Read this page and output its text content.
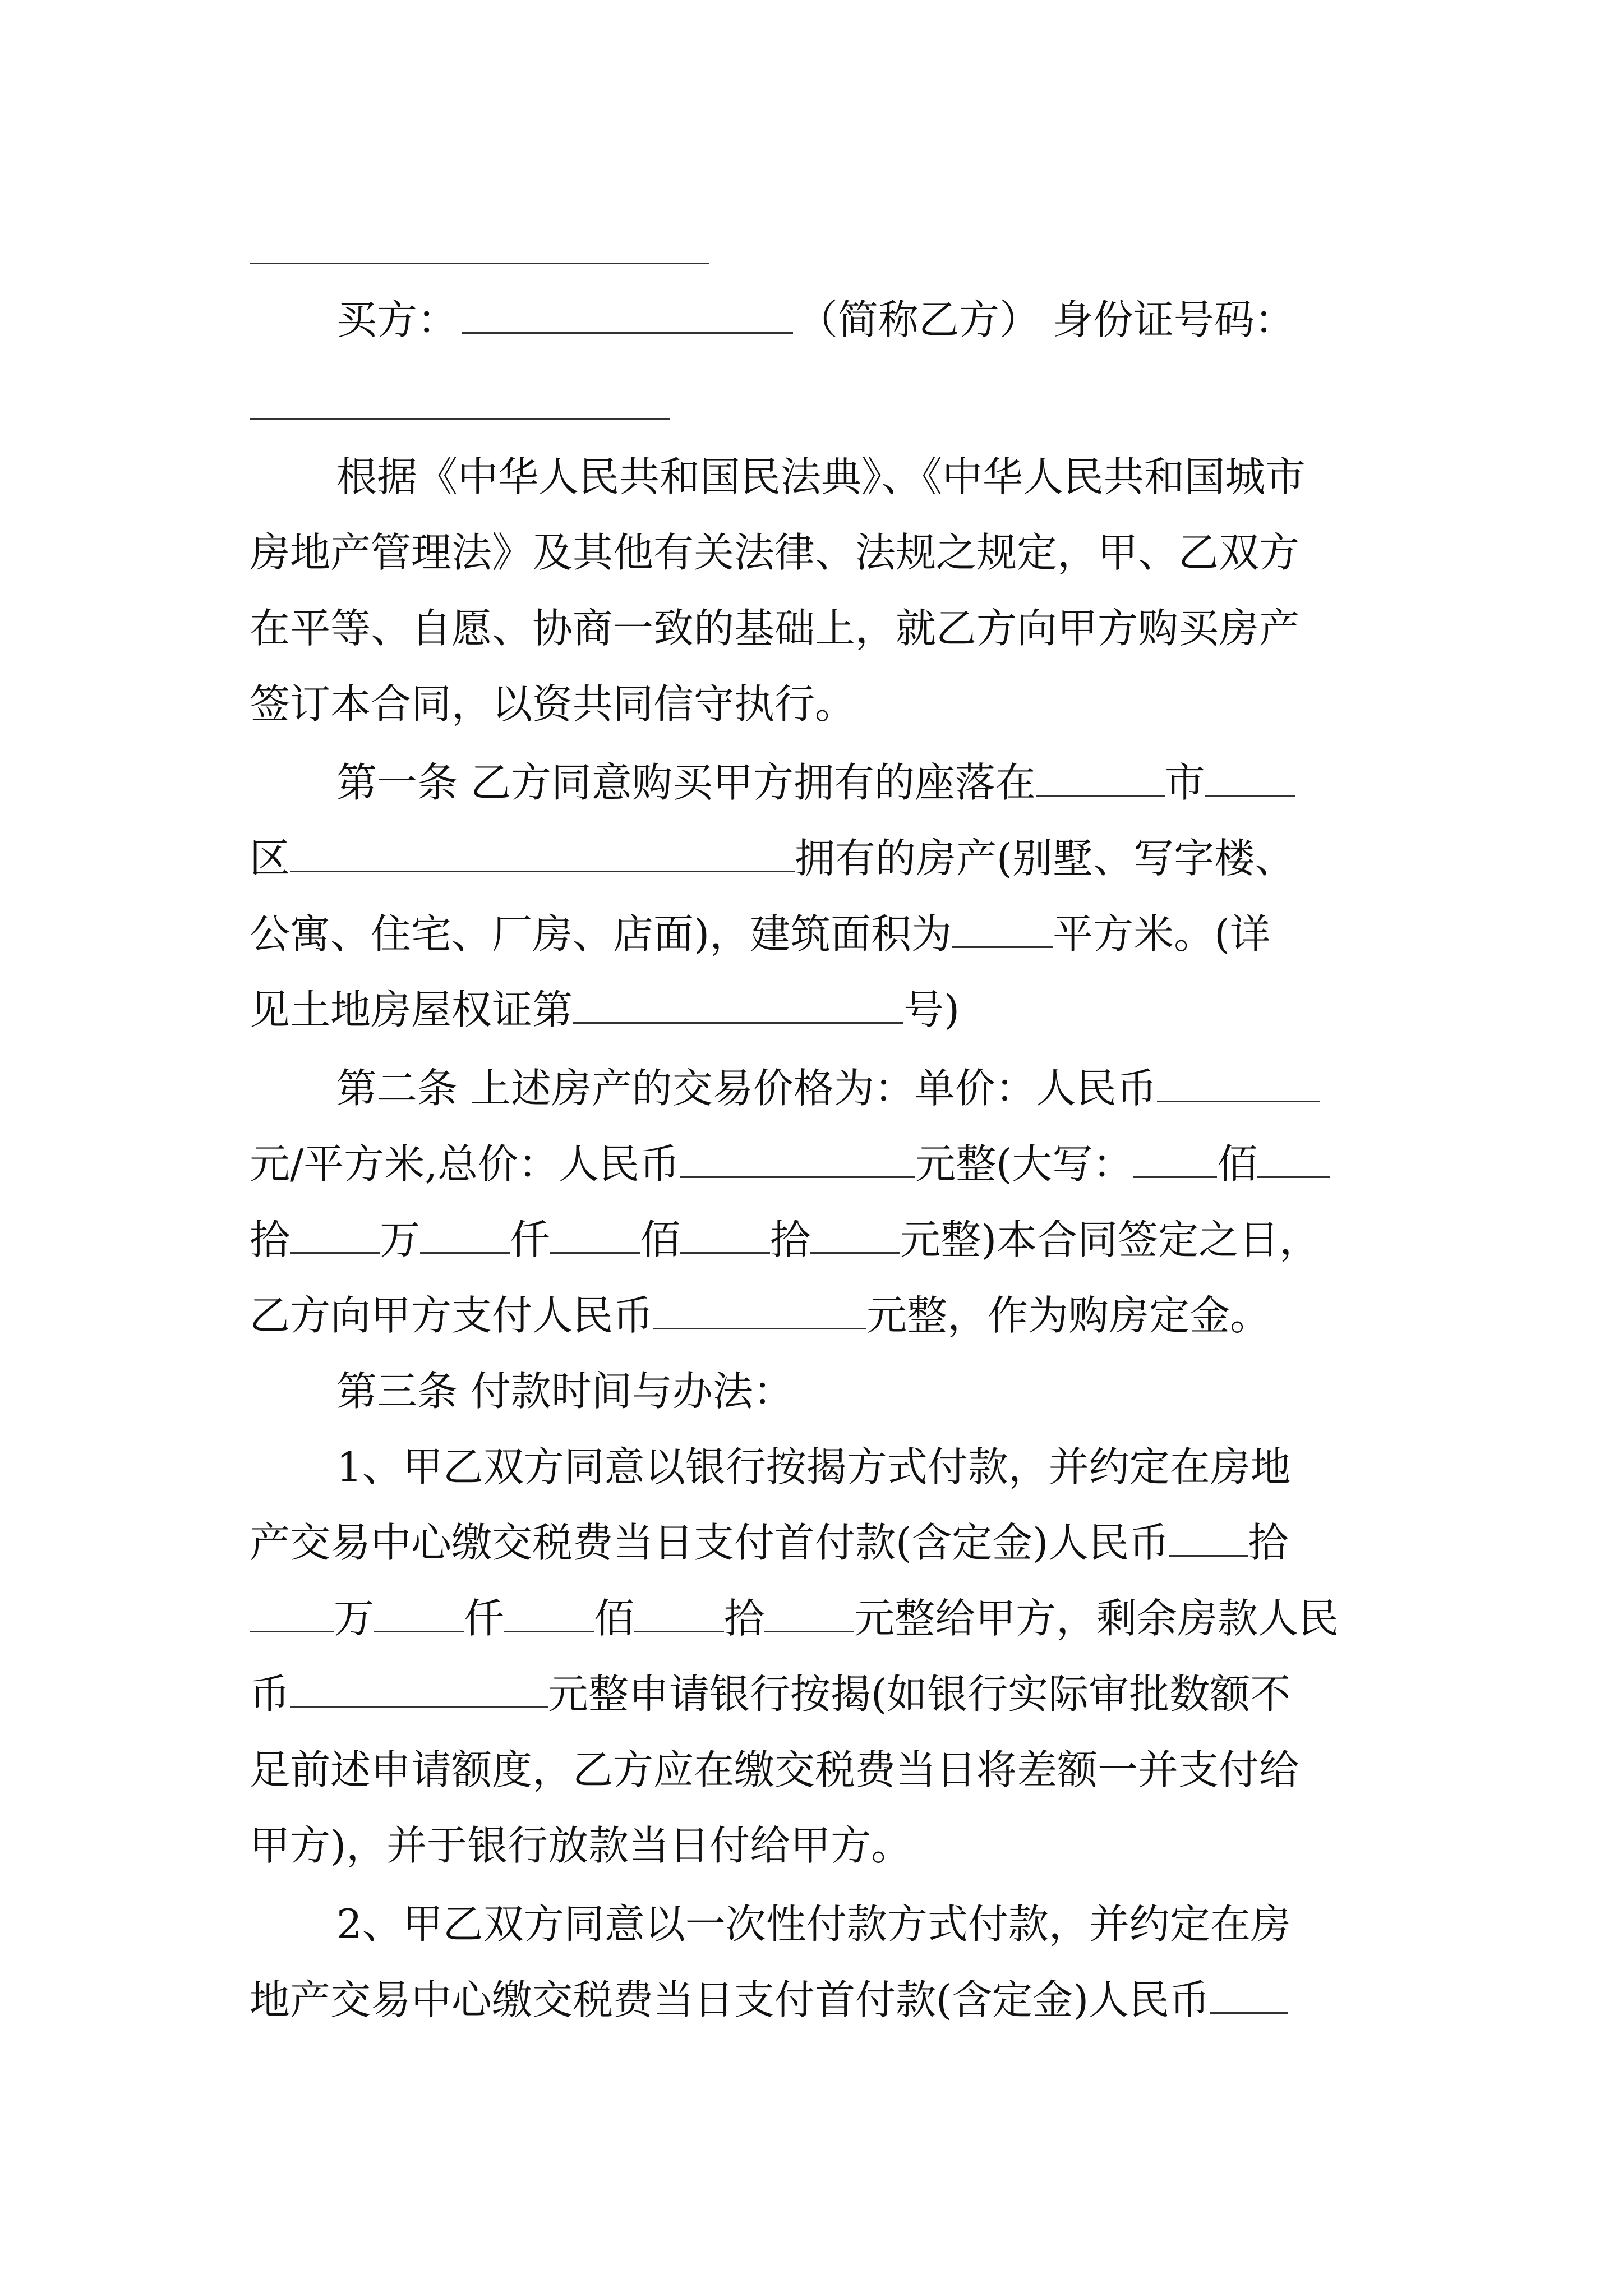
买方：	（简称乙方） 身份证号码：
根据《中华人民共和国民法典》、《中华人民共和国城市
房地产管理法》及其他有关法律、法规之规定，甲、乙双方
在平等、自愿、协商一致的基础上，就乙方向甲方购买房产
签订本合同，以资共同信守执行。
第一条 乙方同意购买甲方拥有的座落在	市
区	拥有的房产(别墅、写字楼、
公寓、住宅、厂房、店面)，建筑面积为	平方米。(详
见土地房屋权证第	号)
第二条 上述房产的交易价格为：单价：人民币
元/平方米,总价：人民币	元整(大写： 佰
拾 万 仟 佰 拾 元整)本合同签定之日，
乙方向甲方支付人民币	元整，作为购房定金。
第三条 付款时间与办法：
1、甲乙双方同意以银行按揭方式付款，并约定在房地
产交易中心缴交税费当日支付首付款(含定金)人民币 拾
万 仟 佰 拾 元整给甲方，剩余房款人民
币	元整申请银行按揭(如银行实际审批数额不
足前述申请额度，乙方应在缴交税费当日将差额一并支付给
甲方)，并于银行放款当日付给甲方。
2、甲乙双方同意以一次性付款方式付款，并约定在房
地产交易中心缴交税费当日支付首付款(含定金)人民币
